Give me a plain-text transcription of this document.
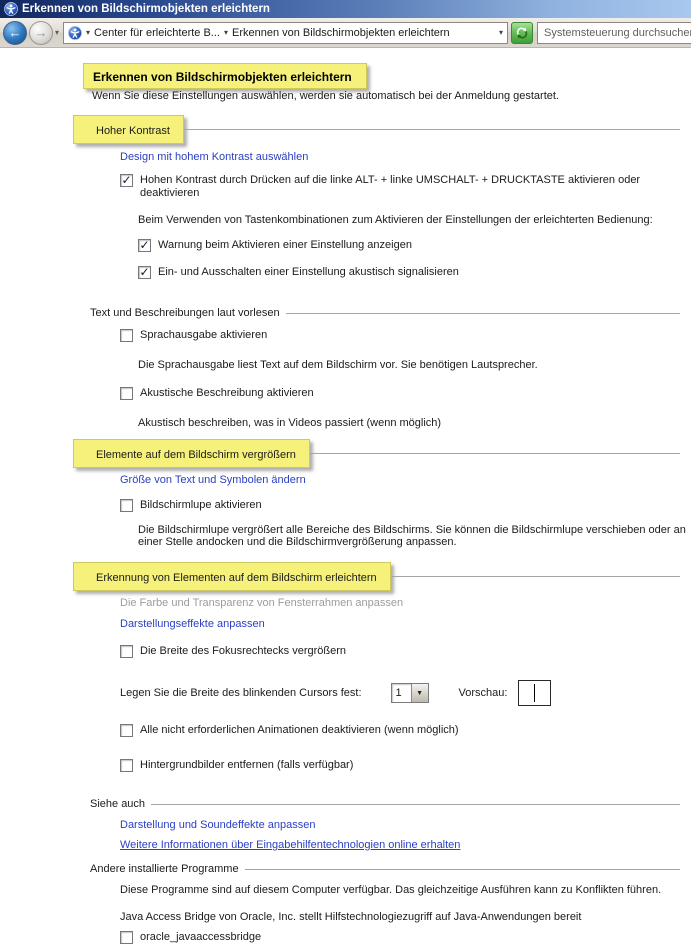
Erkennen von Bildschirmobjekten erleichtern
← → ▾	▾ Center für erleichterte B... ▾ Erkennen von Bildschirmobjekten erleichtern	▾
Systemsteuerung durchsuchen
Erkennen von Bildschirmobjekten erleichtern
Wenn Sie diese Einstellungen auswählen, werden sie automatisch bei der Anmeldung gestartet.
Hoher Kontrast
Design mit hohem Kontrast auswählen
✓
Hohen Kontrast durch Drücken auf die linke ALT- + linke UMSCHALT- + DRUCKTASTE aktivieren oder deaktivieren
Beim Verwenden von Tastenkombinationen zum Aktivieren der Einstellungen der erleichterten Bedienung:
✓
Warnung beim Aktivieren einer Einstellung anzeigen
✓
Ein- und Ausschalten einer Einstellung akustisch signalisieren
Text und Beschreibungen laut vorlesen
Sprachausgabe aktivieren
Die Sprachausgabe liest Text auf dem Bildschirm vor. Sie benötigen Lautsprecher.
Akustische Beschreibung aktivieren
Akustisch beschreiben, was in Videos passiert (wenn möglich)
Elemente auf dem Bildschirm vergrößern
Größe von Text und Symbolen ändern
Bildschirmlupe aktivieren
Die Bildschirmlupe vergrößert alle Bereiche des Bildschirms. Sie können die Bildschirmlupe verschieben oder an einer Stelle andocken und die Bildschirmvergrößerung anpassen.
Erkennung von Elementen auf dem Bildschirm erleichtern
Die Farbe und Transparenz von Fensterrahmen anpassen
Darstellungseffekte anpassen
Die Breite des Fokusrechtecks vergrößern
Legen Sie die Breite des blinkenden Cursors fest:	1	▼	Vorschau:
Alle nicht erforderlichen Animationen deaktivieren (wenn möglich)
Hintergrundbilder entfernen (falls verfügbar)
Siehe auch
Darstellung und Soundeffekte anpassen
Weitere Informationen über Eingabehilfentechnologien online erhalten
Andere installierte Programme
Diese Programme sind auf diesem Computer verfügbar. Das gleichzeitige Ausführen kann zu Konflikten führen.
Java Access Bridge von Oracle, Inc. stellt Hilfstechnologiezugriff auf Java-Anwendungen bereit
oracle_javaaccessbridge
